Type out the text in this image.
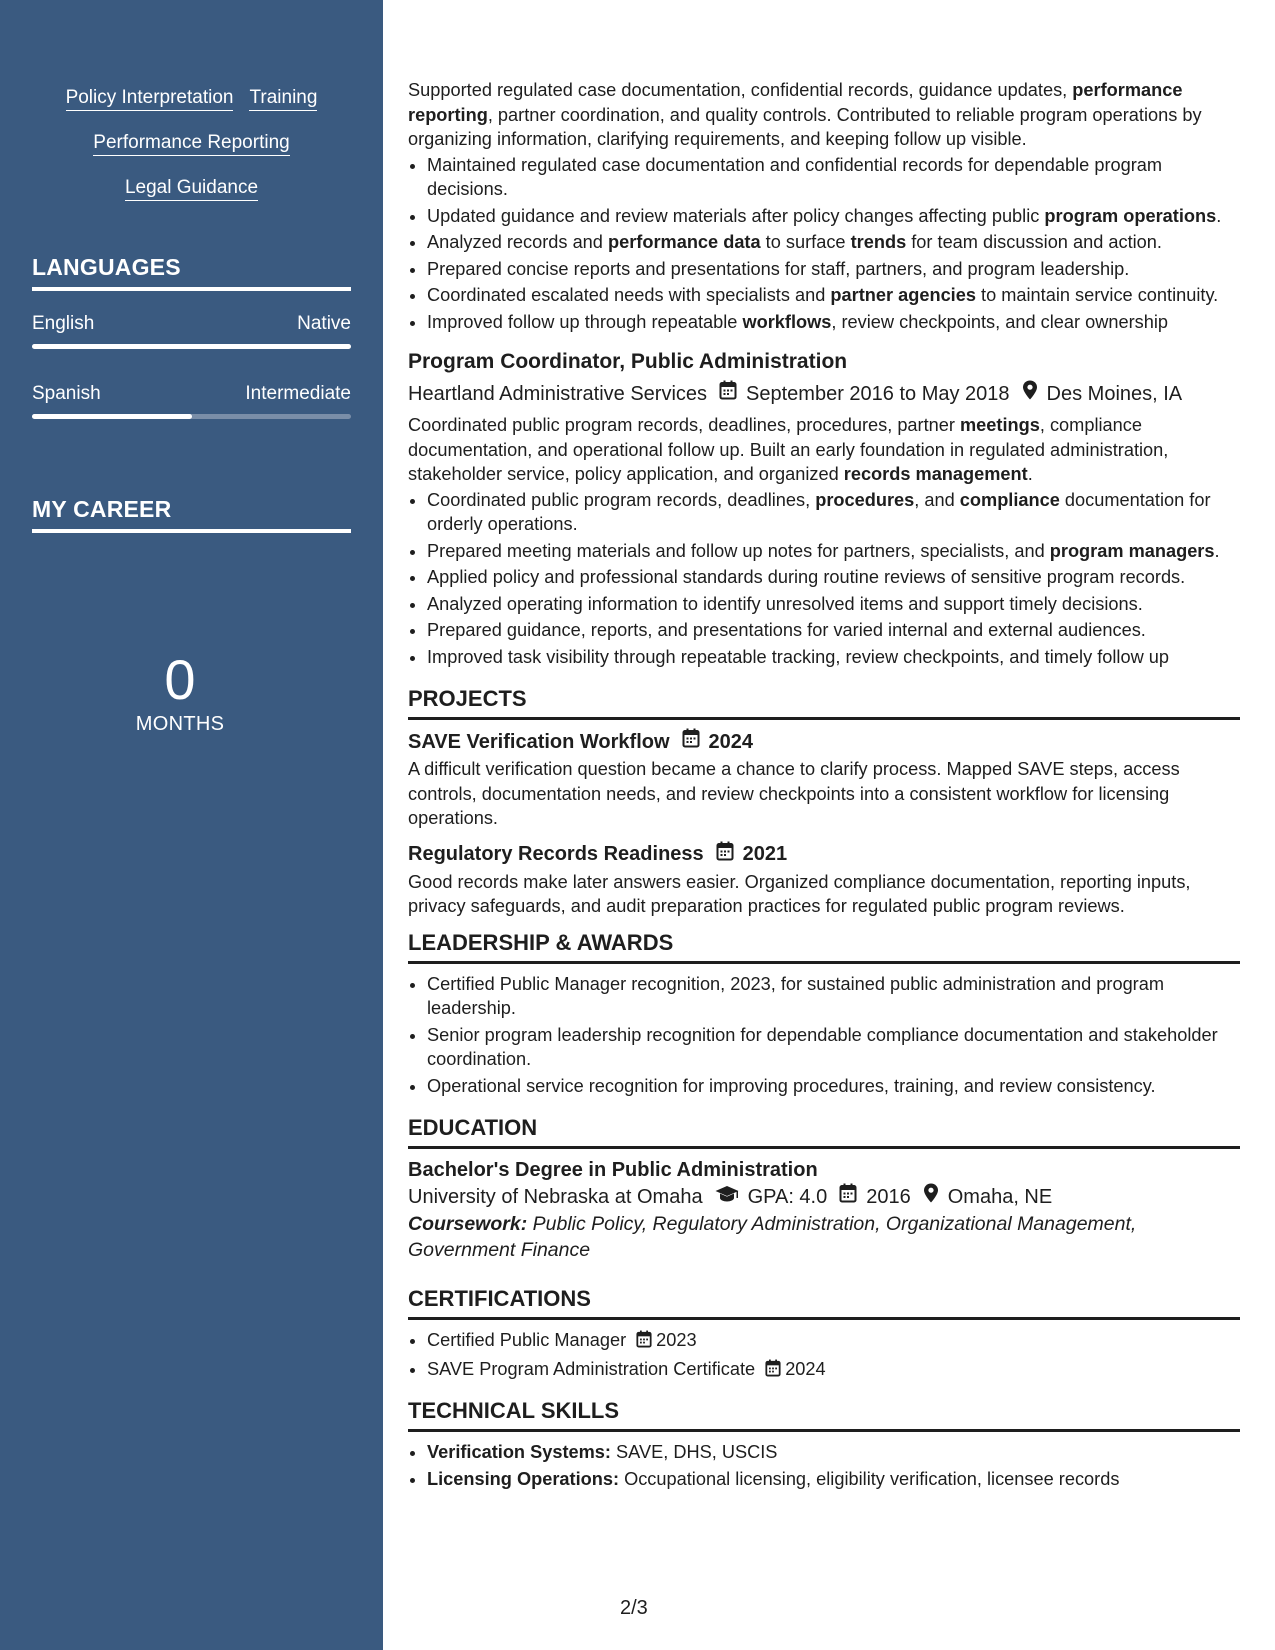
Policy Interpretation Training
Performance Reporting
Legal Guidance
LANGUAGES
English	Native
Spanish	Intermediate
MY CAREER
0
MONTHS

Supported regulated case documentation, confidential records, guidance updates, performance reporting, partner coordination, and quality controls. Contributed to reliable program operations by organizing information, clarifying requirements, and keeping follow up visible.

• Maintained regulated case documentation and confidential records for dependable program decisions.
• Updated guidance and review materials after policy changes affecting public program operations.
• Analyzed records and performance data to surface trends for team discussion and action.
• Prepared concise reports and presentations for staff, partners, and program leadership.
• Coordinated escalated needs with specialists and partner agencies to maintain service continuity.
• Improved follow up through repeatable workflows, review checkpoints, and clear ownership
Program Coordinator, Public Administration
Heartland Administrative Services September 2016 to May 2018 Des Moines, IA

Coordinated public program records, deadlines, procedures, partner meetings, compliance documentation, and operational follow up. Built an early foundation in regulated administration, stakeholder service, policy application, and organized records management.

• Coordinated public program records, deadlines, procedures, and compliance documentation for orderly operations.
• Prepared meeting materials and follow up notes for partners, specialists, and program managers.
• Applied policy and professional standards during routine reviews of sensitive program records.
• Analyzed operating information to identify unresolved items and support timely decisions.
• Prepared guidance, reports, and presentations for varied internal and external audiences.
• Improved task visibility through repeatable tracking, review checkpoints, and timely follow up
PROJECTS
SAVE Verification Workflow 2024

A difficult verification question became a chance to clarify process. Mapped SAVE steps, access controls, documentation needs, and review checkpoints into a consistent workflow for licensing operations.

Regulatory Records Readiness 2021

Good records make later answers easier. Organized compliance documentation, reporting inputs, privacy safeguards, and audit preparation practices for regulated public program reviews.

LEADERSHIP & AWARDS
• Certified Public Manager recognition, 2023, for sustained public administration and program leadership.
• Senior program leadership recognition for dependable compliance documentation and stakeholder coordination.
• Operational service recognition for improving procedures, training, and review consistency.
EDUCATION
Bachelor's Degree in Public Administration
University of Nebraska at Omaha GPA: 4.0 2016 Omaha, NE
Coursework: Public Policy, Regulatory Administration, Organizational Management, Government Finance
CERTIFICATIONS
• Certified Public Manager 2023
• SAVE Program Administration Certificate 2024
TECHNICAL SKILLS
• Verification Systems: SAVE, DHS, USCIS
• Licensing Operations: Occupational licensing, eligibility verification, licensee records
2/3
